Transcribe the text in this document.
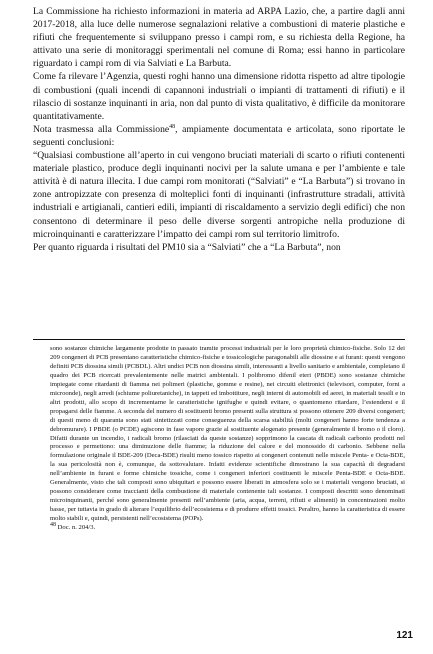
La Commissione ha richiesto informazioni in materia ad ARPA Lazio, che, a partire dagli anni 2017-2018, alla luce delle numerose segnalazioni relative a combustioni di materie plastiche e rifiuti che frequentemente si sviluppano presso i campi rom, e su richiesta della Regione, ha attivato una serie di monitoraggi sperimentali nel comune di Roma; essi hanno in particolare riguardato i campi rom di via Salviati e La Barbuta.

Come fa rilevare l’Agenzia, questi roghi hanno una dimensione ridotta rispetto ad altre tipologie di combustioni (quali incendi di capannoni industriali o impianti di trattamenti di rifiuti) e il rilascio di sostanze inquinanti in aria, non dal punto di vista qualitativo, è difficile da monitorare quantitativamente.

Nota trasmessa alla Commissione$^{48}$, ampiamente documentata e articolata, sono riportate le seguenti conclusioni:

“Qualsiasi combustione all’aperto in cui vengono bruciati materiali di scarto o rifiuti contenenti materiale plastico, produce degli inquinanti nocivi per la salute umana e per l’ambiente e tale attività è di natura illecita. I due campi rom monitorati (“Salviati” e “La Barbuta”) si trovano in zone antropizzate con presenza di molteplici fonti di inquinanti (infrastrutture stradali, attività industriali e artigianali, cantieri edili, impianti di riscaldamento a servizio degli edifici) che non consentono di determinare il peso delle diverse sorgenti antropiche nella produzione di microinquinanti e caratterizzare l’impatto dei campi rom sul territorio limitrofo.

Per quanto riguarda i risultati del PM10 sia a “Salviati” che a “La Barbuta”, non

sono sostanze chimiche largamente prodotte in passato tramite processi industriali per le loro proprietà chimico-fisiche. Solo 12 dei 209 congeneri di PCB presentano caratteristiche chimico-fisiche e tossicologiche paragonabili alle diossine e ai furani: questi vengono definiti PCB diossina simili (PCBDL). Altri undici PCB non diossina simili, interessanti a livello sanitario e ambientale, completano il quadro dei PCB ricercati prevalentemente nelle matrici ambientali. I polibromo difenil eteri (PBDE) sono sostanze chimiche impiegate come ritardanti di fiamma nei polimeri (plastiche, gomme e resine), nei circuiti elettronici (televisori, computer, forni a microonde), negli arredi (schiume poliuretaniche), in tappeti ed imbottiture, negli interni di automobili ed aerei, in materiali tessili e in altri prodotti, allo scopo di incrementarne le caratteristiche ignifughe e quindi evitare, o quantomeno ritardare, l’estendersi e il propagarsi delle fiamme. A seconda del numero di sostituenti bromo presenti sulla struttura si possono ottenere 209 diversi congeneri; di questi meno di quaranta sono stati sintetizzati come conseguenza della scarsa stabilità (molti congeneri hanno forte tendenza a debromurare). I PBDE (o PCDE) agiscono in fase vapore grazie al sostituente alogenato presente (generalmente il bromo o il cloro). Difatti durante un incendio, i radicali bromo (rilasciati da queste sostanze) sopprimono la cascata di radicali carbonio prodotti nel processo e permettono: una diminuzione delle fiamme; la riduzione del calore e del monossido di carbonio. Sebbene nella formulazione originale il BDE-209 (Deca-BDE) risulti meno tossico rispetto ai congeneri contenuti nelle miscele Penta- e Octa-BDE, la sua pericolosità non è, comunque, da sottovalutare. Infatti evidenze scientifiche dimostrano la sua capacità di degradarsi nell’ambiente in furani e forme chimiche tossiche, come i congeneri inferiori costituenti le miscele Penta-BDE e Octa-BDE. Generalmente, visto che tali composti sono ubiquitari e possono essere liberati in atmosfera solo se i materiali vengono bruciati, si possono considerare come traccianti della combustione di materiale contenente tali sostanze. I composti descritti sono denominati microinquinanti, perché sono generalmente presenti nell’ambiente (aria, acqua, terreni, rifiuti e alimenti) in concentrazioni molto basse, per tuttavia in grado di alterare l’equilibrio dell’ecosistema e di produrre effetti tossici. Peraltro, hanno la caratteristica di essere molto stabili e, quindi, persistenti nell’ecosistema (POPs).

$^{48}$ Doc. n. 204/3.

121
